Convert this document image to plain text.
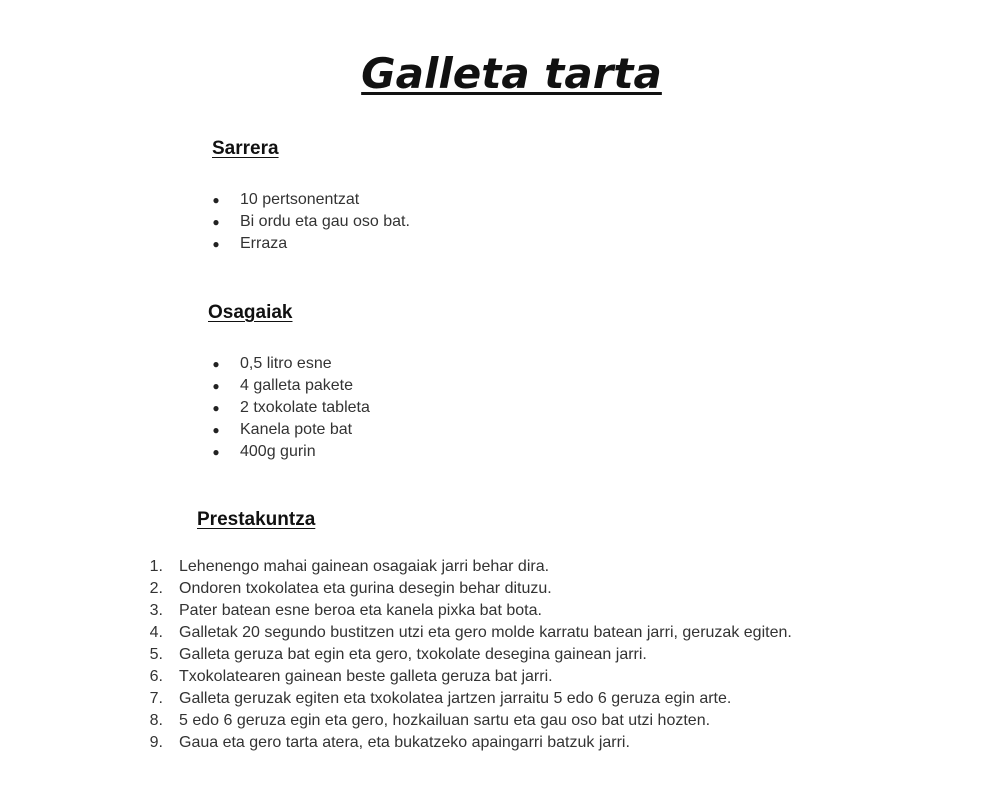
Galleta tarta
Sarrera
● 10 pertsonentzat
● Bi ordu eta gau oso bat.
● Erraza
Osagaiak
● 0,5 litro esne
● 4 galleta pakete
● 2 txokolate tableta
● Kanela pote bat
● 400g gurin
Prestakuntza
1. Lehenengo mahai gainean osagaiak jarri behar dira.
2. Ondoren txokolatea eta gurina desegin behar dituzu.
3. Pater batean esne beroa eta kanela pixka bat bota.
4. Galletak 20 segundo bustitzen utzi eta gero molde karratu batean jarri, geruzak egiten.
5. Galleta geruza bat egin eta gero, txokolate desegina gainean jarri.
6. Txokolatearen gainean beste galleta geruza bat jarri.
7. Galleta geruzak egiten eta txokolatea jartzen jarraitu 5 edo 6 geruza egin arte.
8. 5 edo 6 geruza egin eta gero, hozkailuan sartu eta gau oso bat utzi hozten.
9. Gaua eta gero tarta atera, eta bukatzeko apaingarri batzuk jarri.
